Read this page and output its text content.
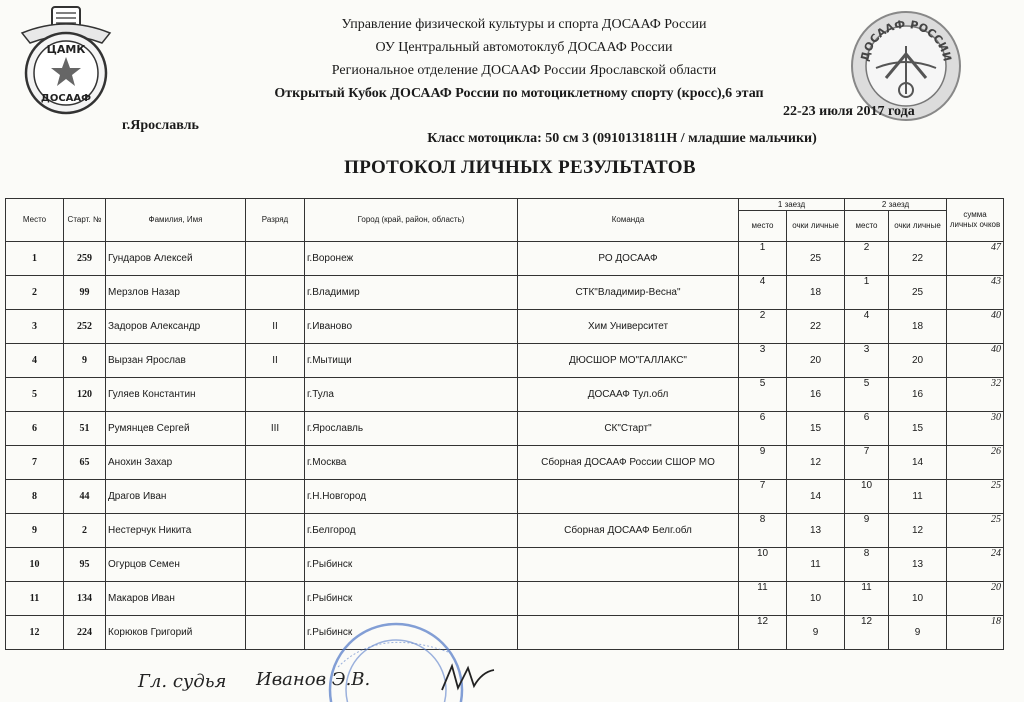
ЦАМК
ДОСААФ
ДОСААФ РОССИИ
Управление физической культуры и спорта ДОСААФ России
ОУ Центральный автомотоклуб ДОСААФ России
Региональное отделение ДОСААФ России Ярославской области
Открытый Кубок ДОСААФ России по мотоциклетному спорту (кросс),6 этап
22-23 июля 2017 года
г.Ярославль
Класс мотоцикла: 50 см 3 (0910131811Н / младшие мальчики)
ПРОТОКОЛ ЛИЧНЫХ РЕЗУЛЬТАТОВ
Место	Старт. №	Фамилия, Имя	Разряд	Город (край, район, область)	Команда	1 заезд		2 заезд		сумма личных очков
						место	очки личные	место	очки личные	
1	259	Гундаров Алексей		г.Воронеж	РО ДОСААФ	1	25	2	22	47
2	99	Мерзлов Назар		г.Владимир	СТК"Владимир-Весна"	4	18	1	25	43
3	252	Задоров Александр	II	г.Иваново	Хим Университет	2	22	4	18	40
4	9	Вырзан Ярослав	II	г.Мытищи	ДЮСШОР МО"ГАЛЛАКС"	3	20	3	20	40
5	120	Гуляев Константин		г.Тула	ДОСААФ Тул.обл	5	16	5	16	32
6	51	Румянцев Сергей	III	г.Ярославль	СК"Старт"	6	15	6	15	30
7	65	Анохин Захар		г.Москва	Сборная ДОСААФ России СШОР МО	9	12	7	14	26
8	44	Драгов Иван		г.Н.Новгород		7	14	10	11	25
9	2	Нестерчук Никита		г.Белгород	Сборная ДОСААФ Белг.обл	8	13	9	12	25
10	95	Огурцов Семен		г.Рыбинск		10	11	8	13	24
11	134	Макаров Иван		г.Рыбинск		11	10	11	10	20
12	224	Корюков Григорий		г.Рыбинск		12	9	12	9	18
Гл. судья Иванов Э.В.
